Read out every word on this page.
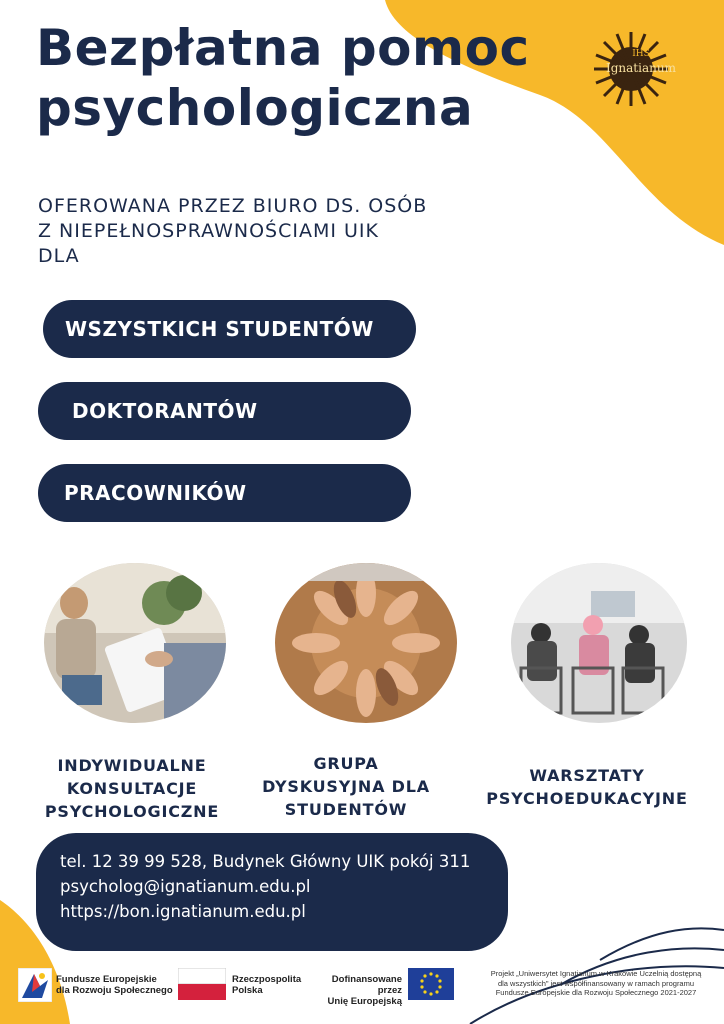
Bezpłatna pomoc
psychologiczna
IHS
Ignatianum
OFEROWANA PRZEZ BIURO DS. OSÓB
Z NIEPEŁNOSPRAWNOŚCIAMI UIK
DLA
WSZYSTKICH STUDENTÓW
DOKTORANTÓW
PRACOWNIKÓW
INDYWIDUALNE
KONSULTACJE
PSYCHOLOGICZNE
GRUPA
DYSKUSYJNA DLA
STUDENTÓW
WARSZTATY
PSYCHOEDUKACYJNE
tel. 12 39 99 528, Budynek Główny UIK pokój 311
psycholog@ignatianum.edu.pl
https://bon.ignatianum.edu.pl
Fundusze Europejskie
dla Rozwoju Społecznego
Rzeczpospolita
Polska
Dofinansowane przez
Unię Europejską
Projekt „Uniwersytet Ignatianum w Krakowie Uczelnią dostępną
dla wszystkich" jest współfinansowany w ramach programu
Fundusze Europejskie dla Rozwoju Społecznego 2021-2027
